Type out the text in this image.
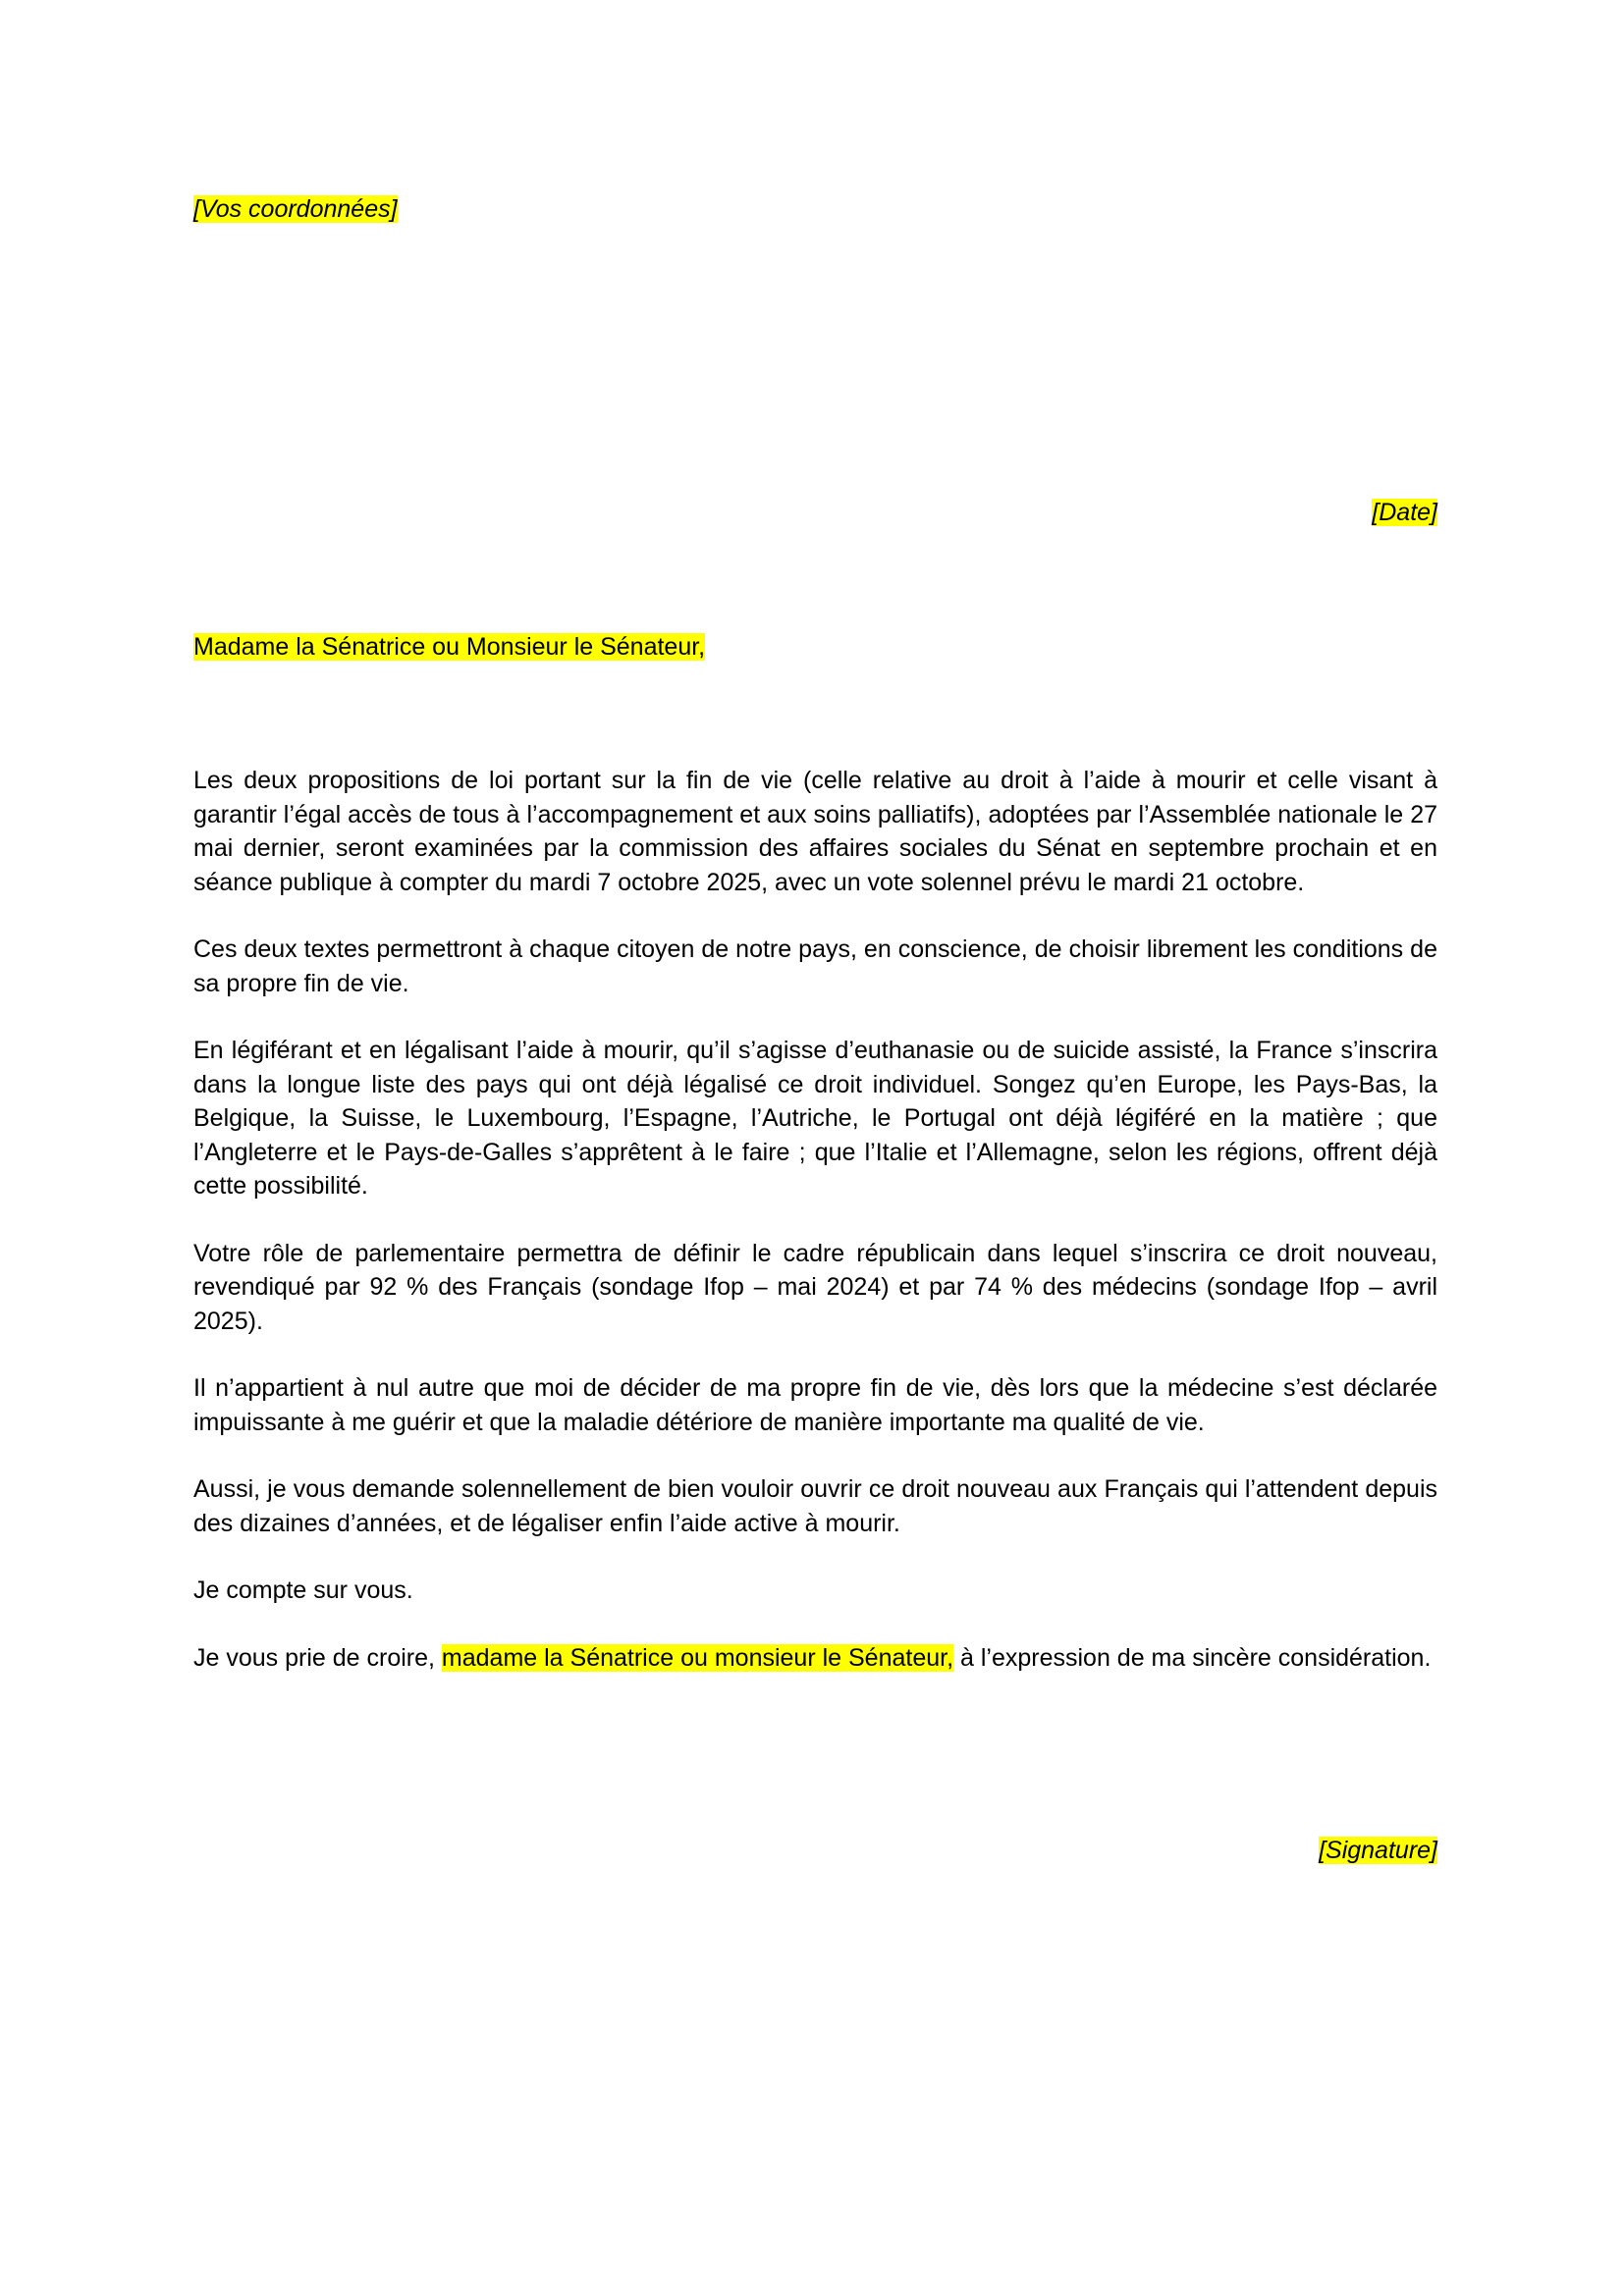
[Vos coordonnées]
[Date]
Madame la Sénatrice ou Monsieur le Sénateur,

Les deux propositions de loi portant sur la fin de vie (celle relative au droit à l’aide à mourir et celle visant à garantir l’égal accès de tous à l’accompagnement et aux soins palliatifs), adoptées par l’Assemblée nationale le 27 mai dernier, seront examinées par la commission des affaires sociales du Sénat en septembre prochain et en séance publique à compter du mardi 7 octobre 2025, avec un vote solennel prévu le mardi 21 octobre.

Ces deux textes permettront à chaque citoyen de notre pays, en conscience, de choisir librement les conditions de sa propre fin de vie.

En légiférant et en légalisant l’aide à mourir, qu’il s’agisse d’euthanasie ou de suicide assisté, la France s’inscrira dans la longue liste des pays qui ont déjà légalisé ce droit individuel. Songez qu’en Europe, les Pays-Bas, la Belgique, la Suisse, le Luxembourg, l’Espagne, l’Autriche, le Portugal ont déjà légiféré en la matière ; que l’Angleterre et le Pays-de-Galles s’apprêtent à le faire ; que l’Italie et l’Allemagne, selon les régions, offrent déjà cette possibilité.

Votre rôle de parlementaire permettra de définir le cadre républicain dans lequel s’inscrira ce droit nouveau, revendiqué par 92 % des Français (sondage Ifop – mai 2024) et par 74 % des médecins (sondage Ifop – avril 2025).

Il n’appartient à nul autre que moi de décider de ma propre fin de vie, dès lors que la médecine s’est déclarée impuissante à me guérir et que la maladie détériore de manière importante ma qualité de vie.

Aussi, je vous demande solennellement de bien vouloir ouvrir ce droit nouveau aux Français qui l’attendent depuis des dizaines d’années, et de légaliser enfin l’aide active à mourir.

Je compte sur vous.

Je vous prie de croire, madame la Sénatrice ou monsieur le Sénateur, à l’expression de ma sincère considération.

[Signature]
